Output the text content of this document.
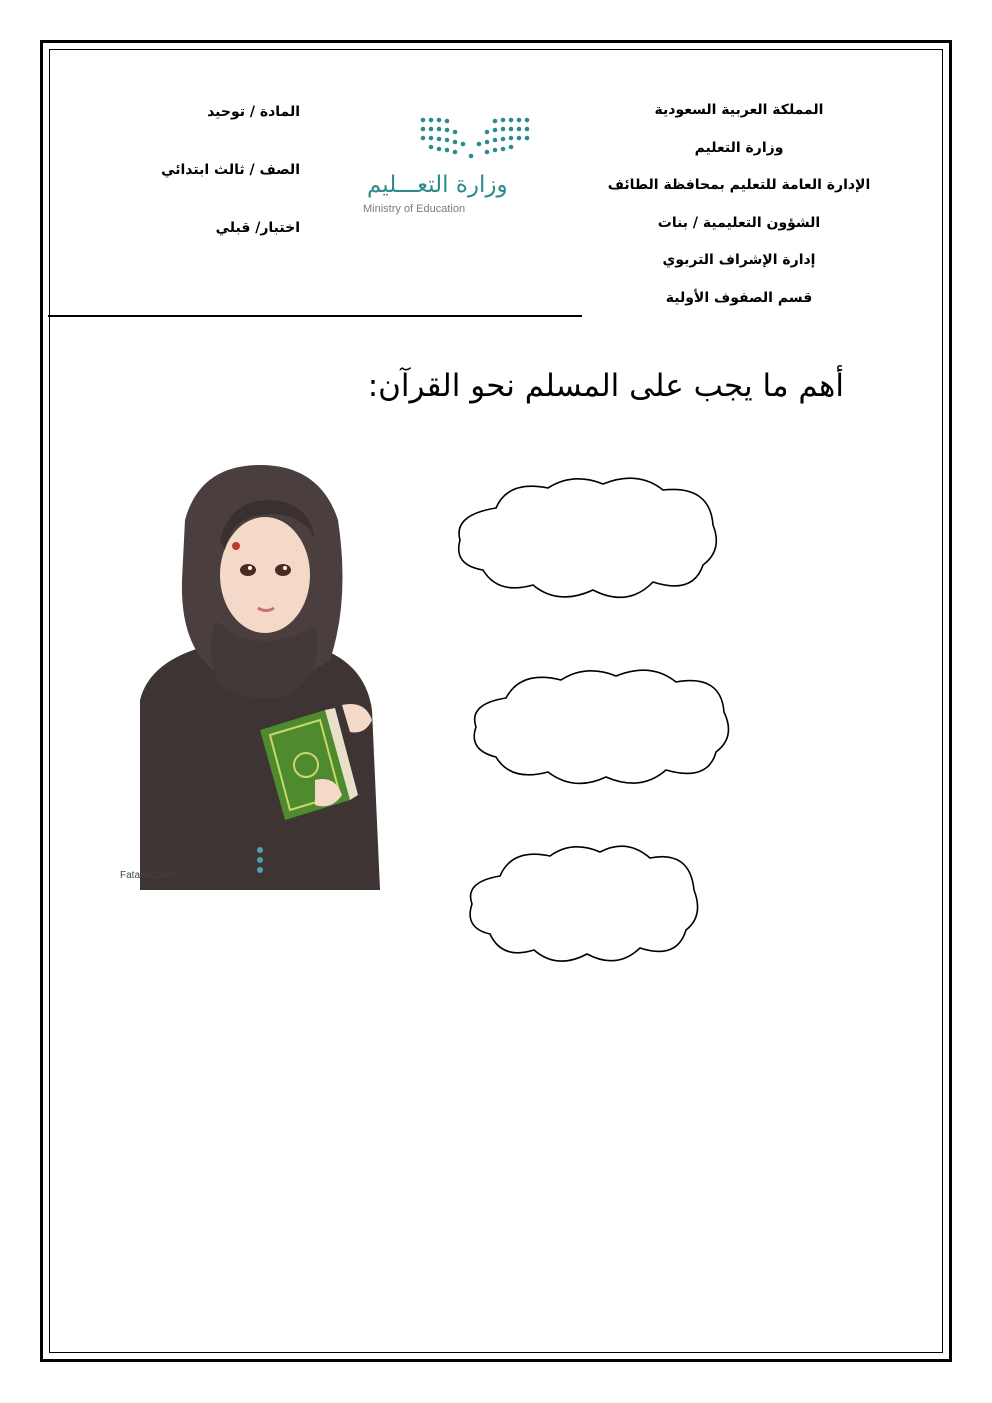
المملكة العربية السعودية
وزارة التعليم
الإدارة العامة للتعليم بمحافظة الطائف
الشؤون التعليمية / بنات
إدارة الإشراف التربوي
قسم الصفوف الأولية
وزارة التعـــليم
Ministry of Education
المادة / توحيد
الصف / ثالث ابتدائي
اختبار/ قبلي
أهم ما يجب على المسلم نحو القرآن:
Fatakat.com
